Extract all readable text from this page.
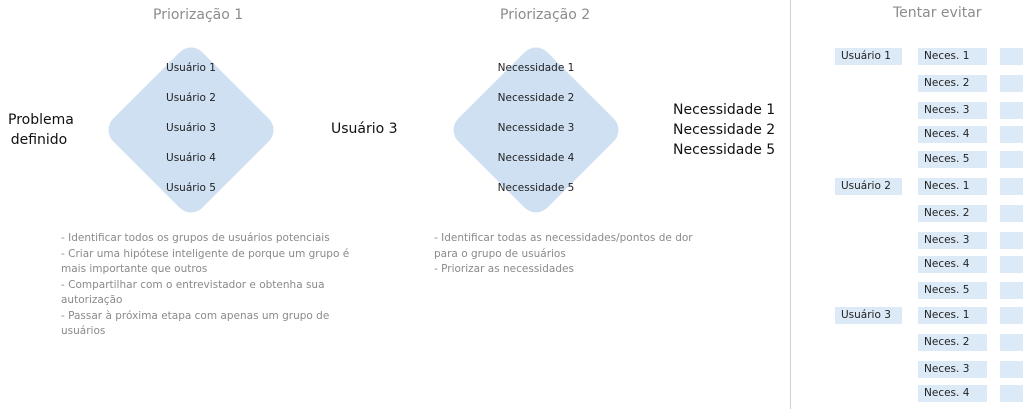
Priorização 1
Problema
definido
Usuário 1
Usuário 2
Usuário 3
Usuário 4
Usuário 5
Usuário 3
- Identificar todos os grupos de usuários potenciais
- Criar uma hipótese inteligente de porque um grupo é mais importante que outros
- Compartilhar com o entrevistador e obtenha sua autorização
- Passar à próxima etapa com apenas um grupo de usuários
Priorização 2
Necessidade 1
Necessidade 2
Necessidade 3
Necessidade 4
Necessidade 5
Necessidade 1
Necessidade 2
Necessidade 5
- Identificar todas as necessidades/pontos de dor para o grupo de usuários
- Priorizar as necessidades
Tentar evitar
Usuário 1	Neces. 1
Neces. 2
Neces. 3
Neces. 4
Neces. 5
Usuário 2	Neces. 1
Neces. 2
Neces. 3
Neces. 4
Neces. 5
Usuário 3	Neces. 1
Neces. 2
Neces. 3
Neces. 4
